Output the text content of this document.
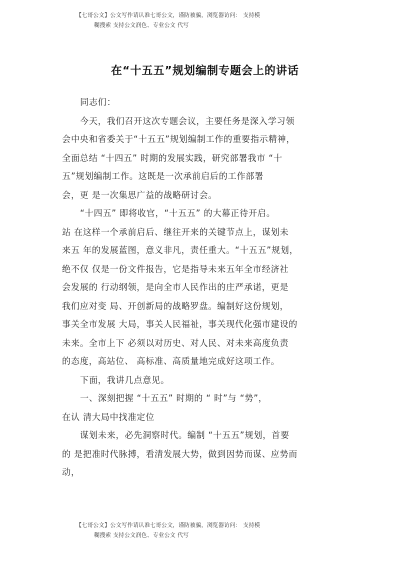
【七哥公文】公文写作请认准七哥公文，谨防被骗，浏览器访问： 支持模
糊搜索 支持公文润色、专业公文 代写
在“十五五”规划编制专题会上的讲话
同志们：
今天，我们召开这次专题会议，主要任务是深入学习领
会中央和省委关于“十五五”规划编制工作的重要指示精神，
全面总结 “十四五” 时期的发展实践，研究部署我市 “十
五”规划编制工作。这既是一次承前启后的工作部署
会，更 是一次集思广益的战略研讨会。
“十四五” 即将收官，“十五五” 的大幕正待开启。
站 在这样一个承前启后、继往开来的关键节点上，谋划未
来五 年的发展蓝图，意义非凡，责任重大。“十五五”规划，
绝不仅 仅是一份文件报告，它是指导未来五年全市经济社
会发展的 行动纲领，是向全市人民作出的庄严承诺，更是
我们应对变 局、开创新局的战略罗盘。编制好这份规划，
事关全市发展 大局，事关人民福祉，事关现代化强市建设的
未来。全市上下 必须以对历史、对人民、对未来高度负责
的态度，高站位、 高标准、高质量地完成好这项工作。
下面，我讲几点意见。
一、深刻把握 “十五五” 时期的 “ 时”与 “势”，
在认 清大局中找准定位
谋划未来，必先洞察时代。编制 “十五五”规划，首要
的 是把准时代脉搏，看清发展大势，做到因势而谋、应势而
动，
【七哥公文】公文写作请认准七哥公文，谨防被骗，浏览器访问： 支持模
糊搜索 支持公文润色、专业公文 代写
